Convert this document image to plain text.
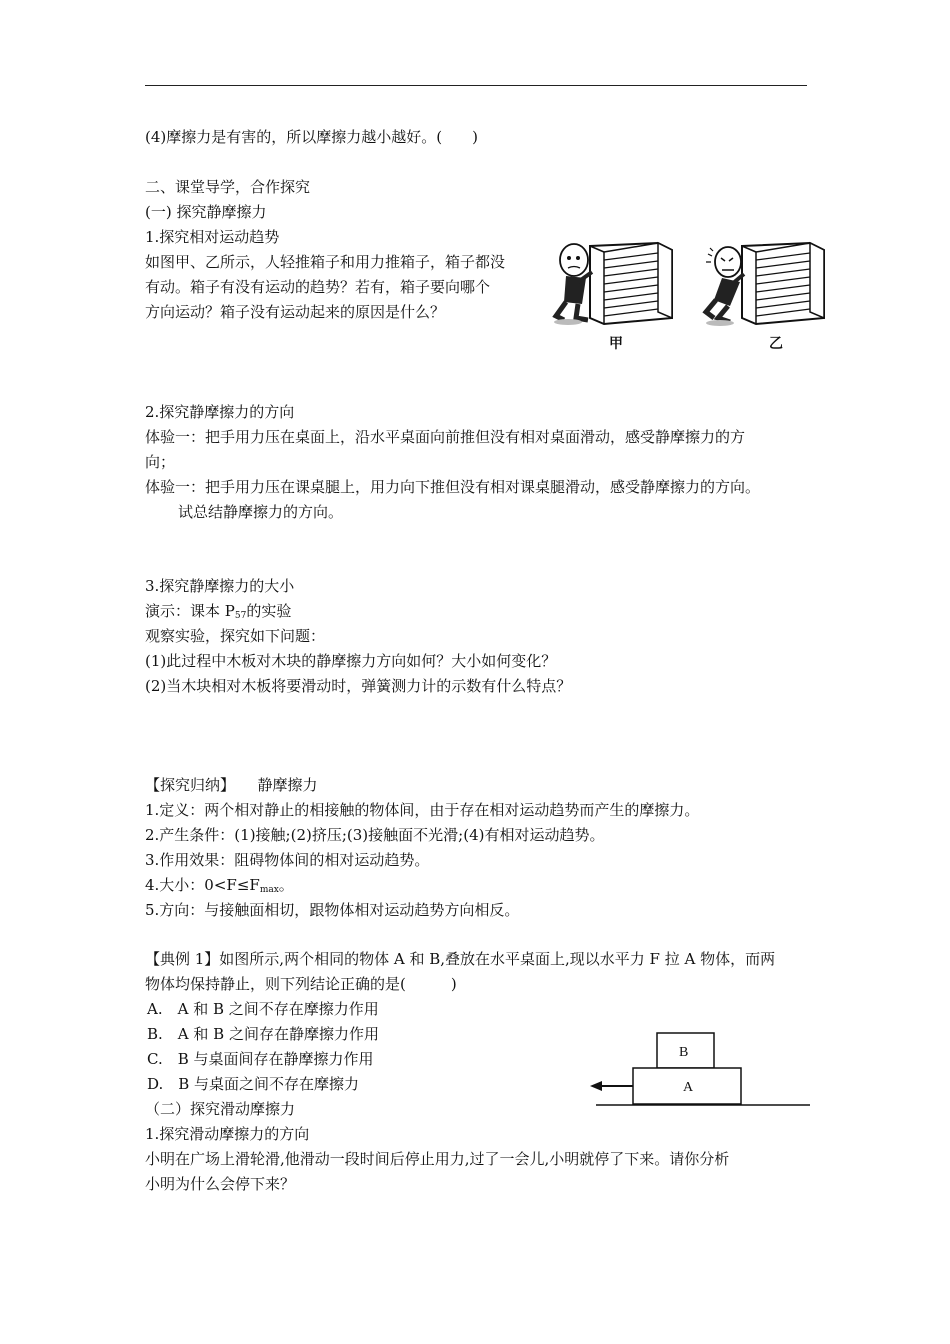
(4)摩擦力是有害的，所以摩擦力越小越好。(　　)
二、课堂导学，合作探究
(一) 探究静摩擦力
1.探究相对运动趋势
如图甲、乙所示，人轻推箱子和用力推箱子，箱子都没
有动。箱子有没有运动的趋势？若有，箱子要向哪个
方向运动？箱子没有运动起来的原因是什么？
甲	乙
2.探究静摩擦力的方向
体验一：把手用力压在桌面上，沿水平桌面向前推但没有相对桌面滑动，感受静摩擦力的方
向；
体验一：把手用力压在课桌腿上，用力向下推但没有相对课桌腿滑动，感受静摩擦力的方向。
试总结静摩擦力的方向。
3.探究静摩擦力的大小
演示：课本 $P_{57}$的实验
观察实验，探究如下问题：
(1)此过程中木板对木块的静摩擦力方向如何？大小如何变化？
(2)当木块相对木板将要滑动时，弹簧测力计的示数有什么特点？
【探究归纳】　　静摩擦力
1.定义：两个相对静止的相接触的物体间，由于存在相对运动趋势而产生的摩擦力。
2.产生条件：(1)接触;(2)挤压;(3)接触面不光滑;(4)有相对运动趋势。
3.作用效果：阻碍物体间的相对运动趋势。
4.大小：$0<F\le F_{max}$。
5.方向：与接触面相切，跟物体相对运动趋势方向相反。
【典例 1】如图所示,两个相同的物体 A 和 B,叠放在水平桌面上,现以水平力 F 拉 A 物体，而两
物体均保持静止，则下列结论正确的是(　　　)
A.　A 和 B 之间不存在摩擦力作用
B.　A 和 B 之间存在静摩擦力作用
C.　B 与桌面间存在静摩擦力作用
D.　B 与桌面之间不存在摩擦力
B
A
（二）探究滑动摩擦力
1.探究滑动摩擦力的方向
小明在广场上滑轮滑,他滑动一段时间后停止用力,过了一会儿,小明就停了下来。请你分析
小明为什么会停下来？
